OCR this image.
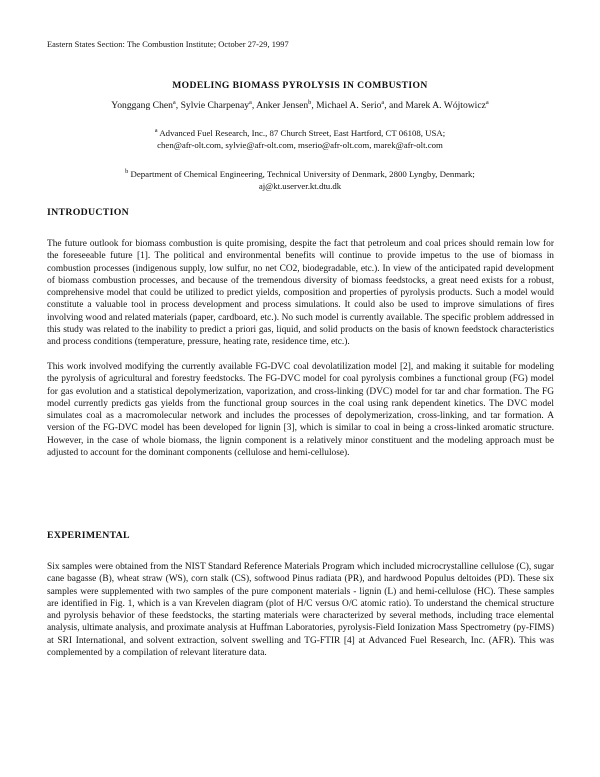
Eastern States Section: The Combustion Institute; October 27-29, 1997
MODELING BIOMASS PYROLYSIS IN COMBUSTION
Yonggang Chen$^a$, Sylvie Charpenay$^a$, Anker Jensen$^b$, Michael A. Serio$^a$, and Marek A. Wójtowicz$^a$
$^a$ Advanced Fuel Research, Inc., 87 Church Street, East Hartford, CT 06108, USA;
chen@afr-olt.com, sylvie@afr-olt.com, mserio@afr-olt.com, marek@afr-olt.com
$^b$ Department of Chemical Engineering, Technical University of Denmark, 2800 Lyngby, Denmark;
aj@kt.userver.kt.dtu.dk
INTRODUCTION

The future outlook for biomass combustion is quite promising, despite the fact that petroleum and coal prices should remain low for the foreseeable future [1]. The political and environmental benefits will continue to provide impetus to the use of biomass in combustion processes (indigenous supply, low sulfur, no net CO2, biodegradable, etc.). In view of the anticipated rapid development of biomass combustion processes, and because of the tremendous diversity of biomass feedstocks, a great need exists for a robust, comprehensive model that could be utilized to predict yields, composition and properties of pyrolysis products. Such a model would constitute a valuable tool in process development and process simulations. It could also be used to improve simulations of fires involving wood and related materials (paper, cardboard, etc.). No such model is currently available. The specific problem addressed in this study was related to the inability to predict a priori gas, liquid, and solid products on the basis of known feedstock characteristics and process conditions (temperature, pressure, heating rate, residence time, etc.).

This work involved modifying the currently available FG-DVC coal devolatilization model [2], and making it suitable for modeling the pyrolysis of agricultural and forestry feedstocks. The FG-DVC model for coal pyrolysis combines a functional group (FG) model for gas evolution and a statistical depolymerization, vaporization, and cross-linking (DVC) model for tar and char formation. The FG model currently predicts gas yields from the functional group sources in the coal using rank dependent kinetics. The DVC model simulates coal as a macromolecular network and includes the processes of depolymerization, cross-linking, and tar formation. A version of the FG-DVC model has been developed for lignin [3], which is similar to coal in being a cross-linked aromatic structure. However, in the case of whole biomass, the lignin component is a relatively minor constituent and the modeling approach must be adjusted to account for the dominant components (cellulose and hemi-cellulose).

EXPERIMENTAL

Six samples were obtained from the NIST Standard Reference Materials Program which included microcrystalline cellulose (C), sugar cane bagasse (B), wheat straw (WS), corn stalk (CS), softwood Pinus radiata (PR), and hardwood Populus deltoides (PD). These six samples were supplemented with two samples of the pure component materials - lignin (L) and hemi-cellulose (HC). These samples are identified in Fig. 1, which is a van Krevelen diagram (plot of H/C versus O/C atomic ratio). To understand the chemical structure and pyrolysis behavior of these feedstocks, the starting materials were characterized by several methods, including trace elemental analysis, ultimate analysis, and proximate analysis at Huffman Laboratories, pyrolysis-Field Ionization Mass Spectrometry (py-FIMS) at SRI International, and solvent extraction, solvent swelling and TG-FTIR [4] at Advanced Fuel Research, Inc. (AFR). This was complemented by a compilation of relevant literature data.
